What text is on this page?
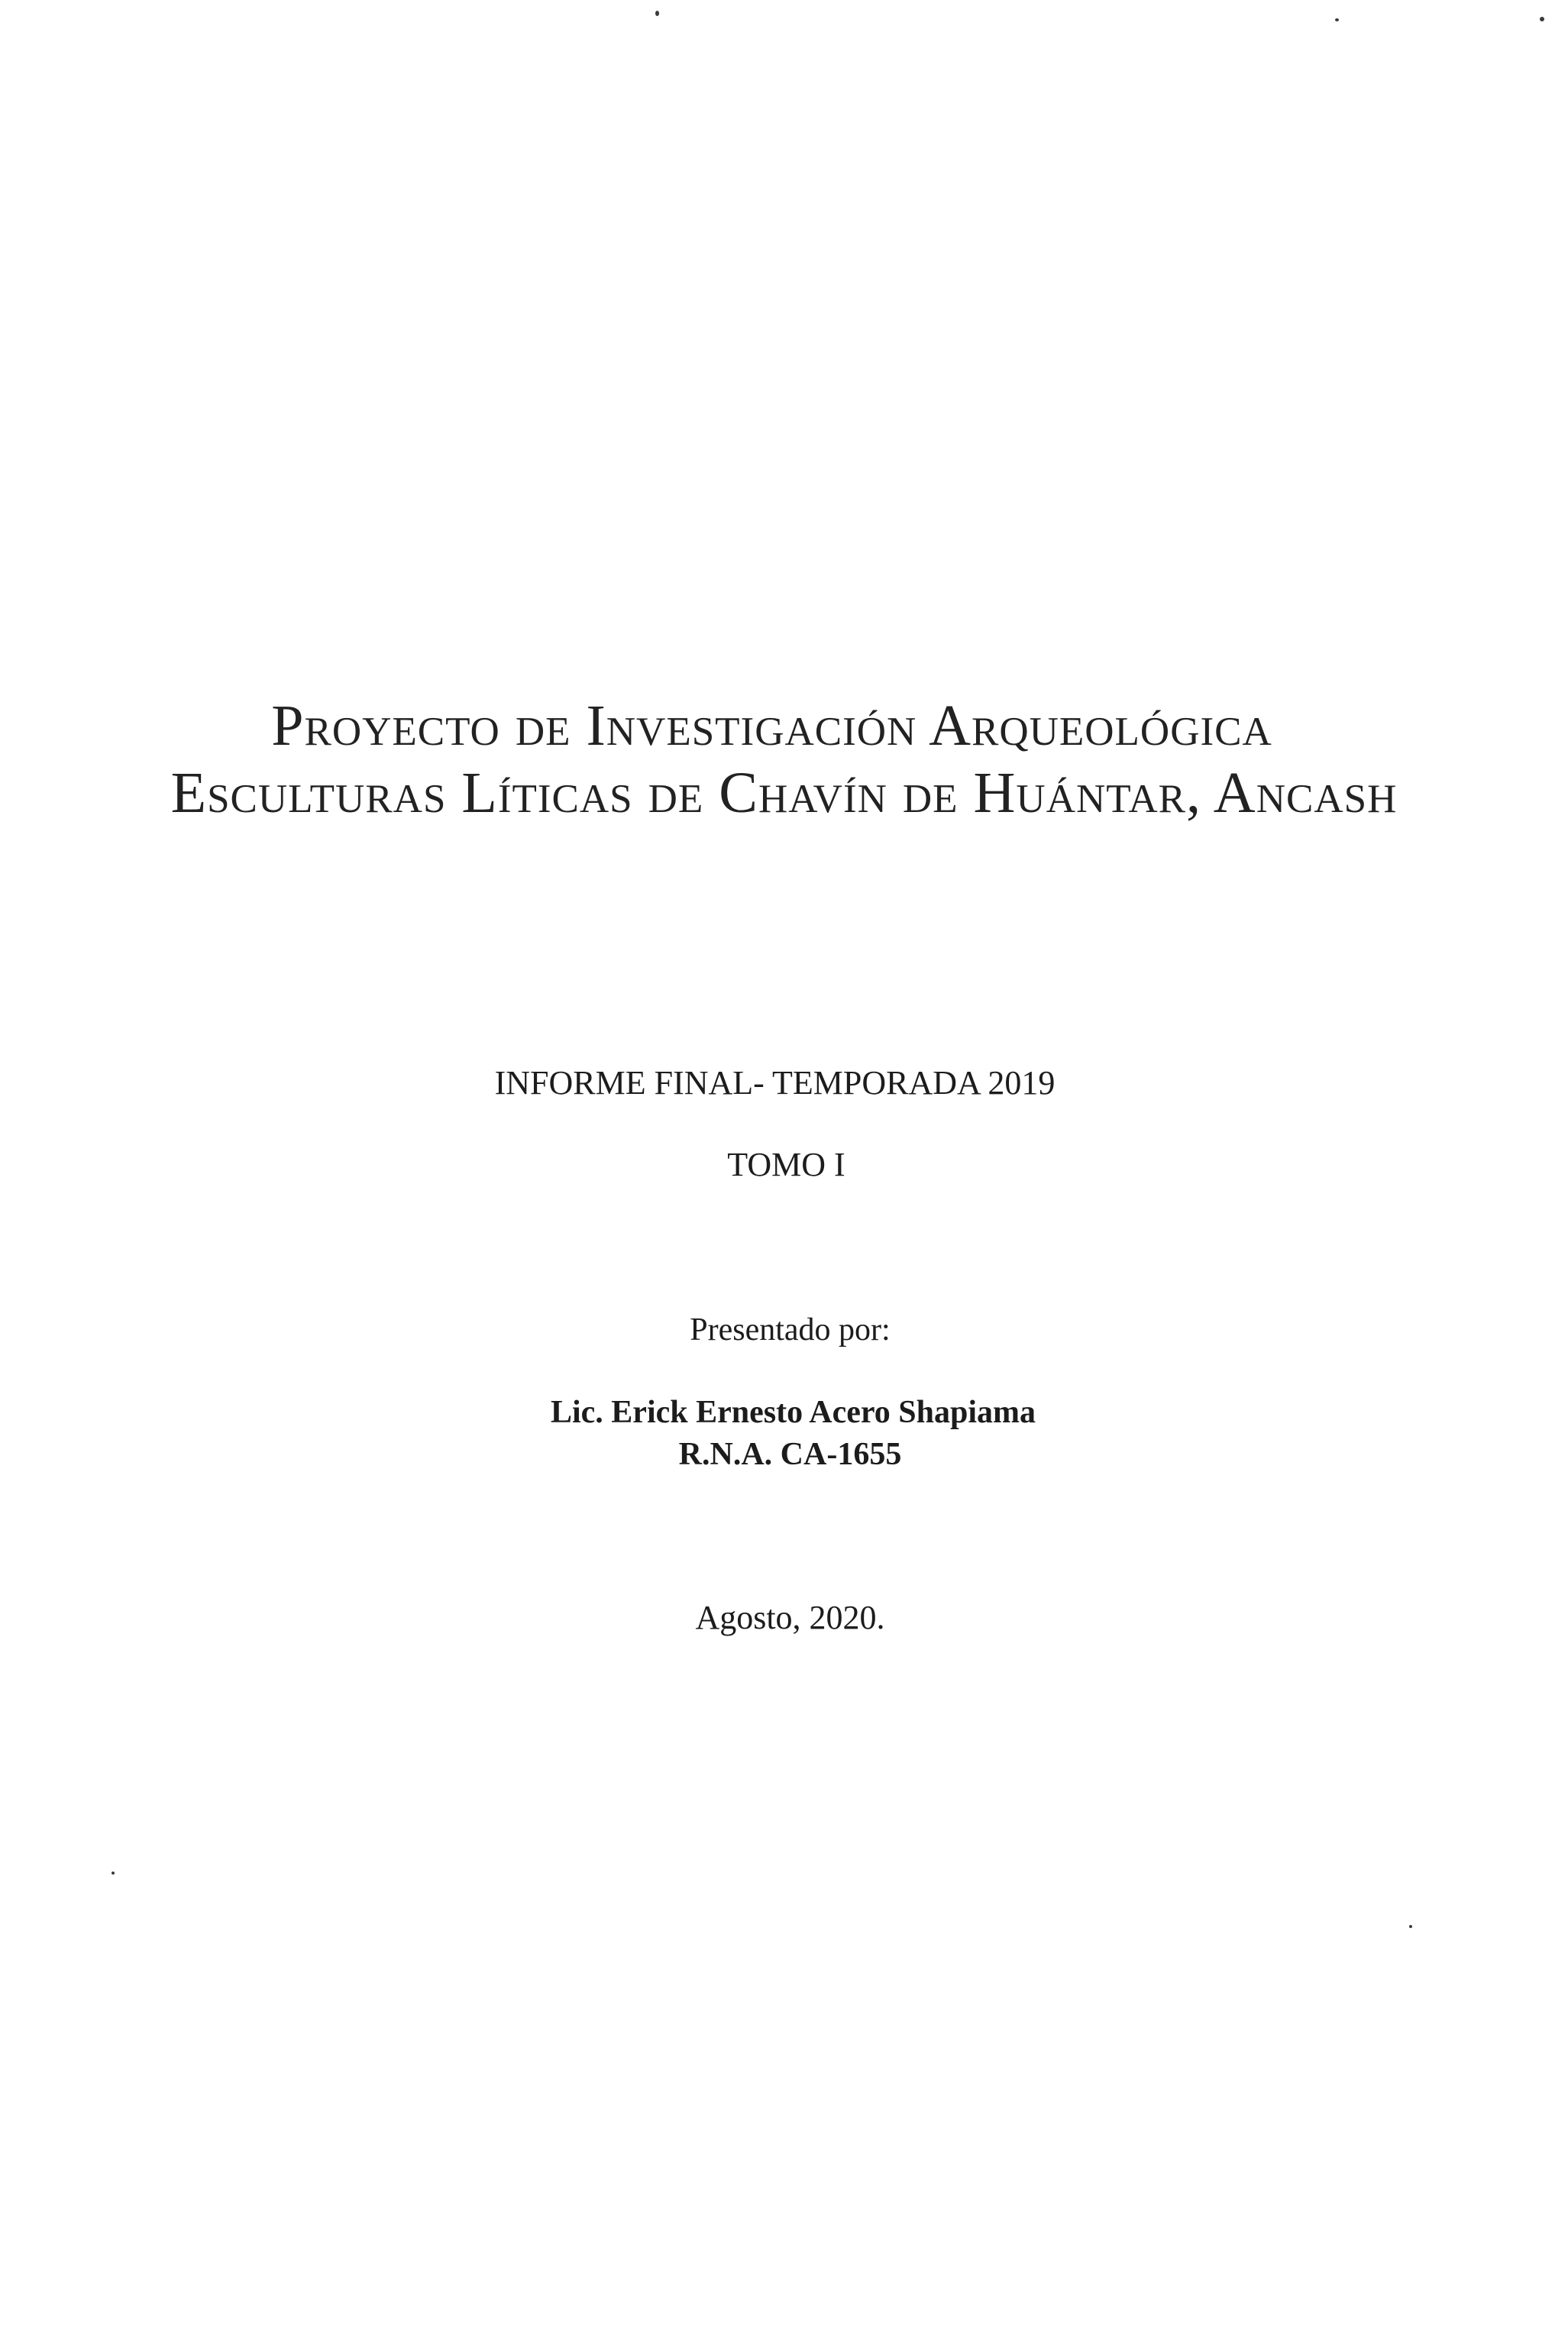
Proyecto de Investigación Arqueológica
Esculturas Líticas de Chavín de Huántar, Ancash
INFORME FINAL- TEMPORADA 2019
TOMO I
Presentado por:
Lic. Erick Ernesto Acero Shapiama
R.N.A. CA-1655
Agosto, 2020.
